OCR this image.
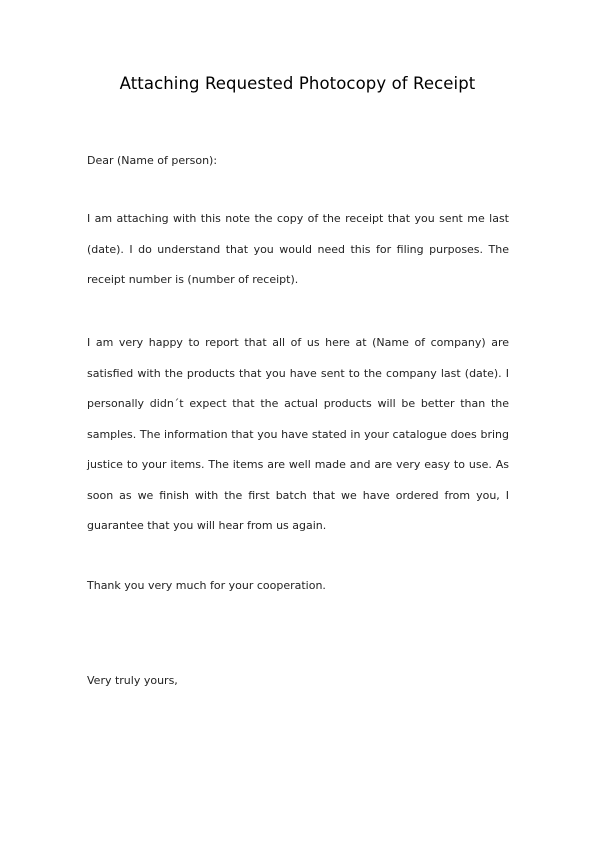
Attaching Requested Photocopy of Receipt

Dear (Name of person):

I am attaching with this note the copy of the receipt that you sent me last (date). I do understand that you would need this for filing purposes. The receipt number is (number of receipt).

I am very happy to report that all of us here at (Name of company) are satisfied with the products that you have sent to the company last (date). I personally didn´t expect that the actual products will be better than the samples. The information that you have stated in your catalogue does bring justice to your items. The items are well made and are very easy to use. As soon as we finish with the first batch that we have ordered from you, I guarantee that you will hear from us again.

Thank you very much for your cooperation.

Very truly yours,
